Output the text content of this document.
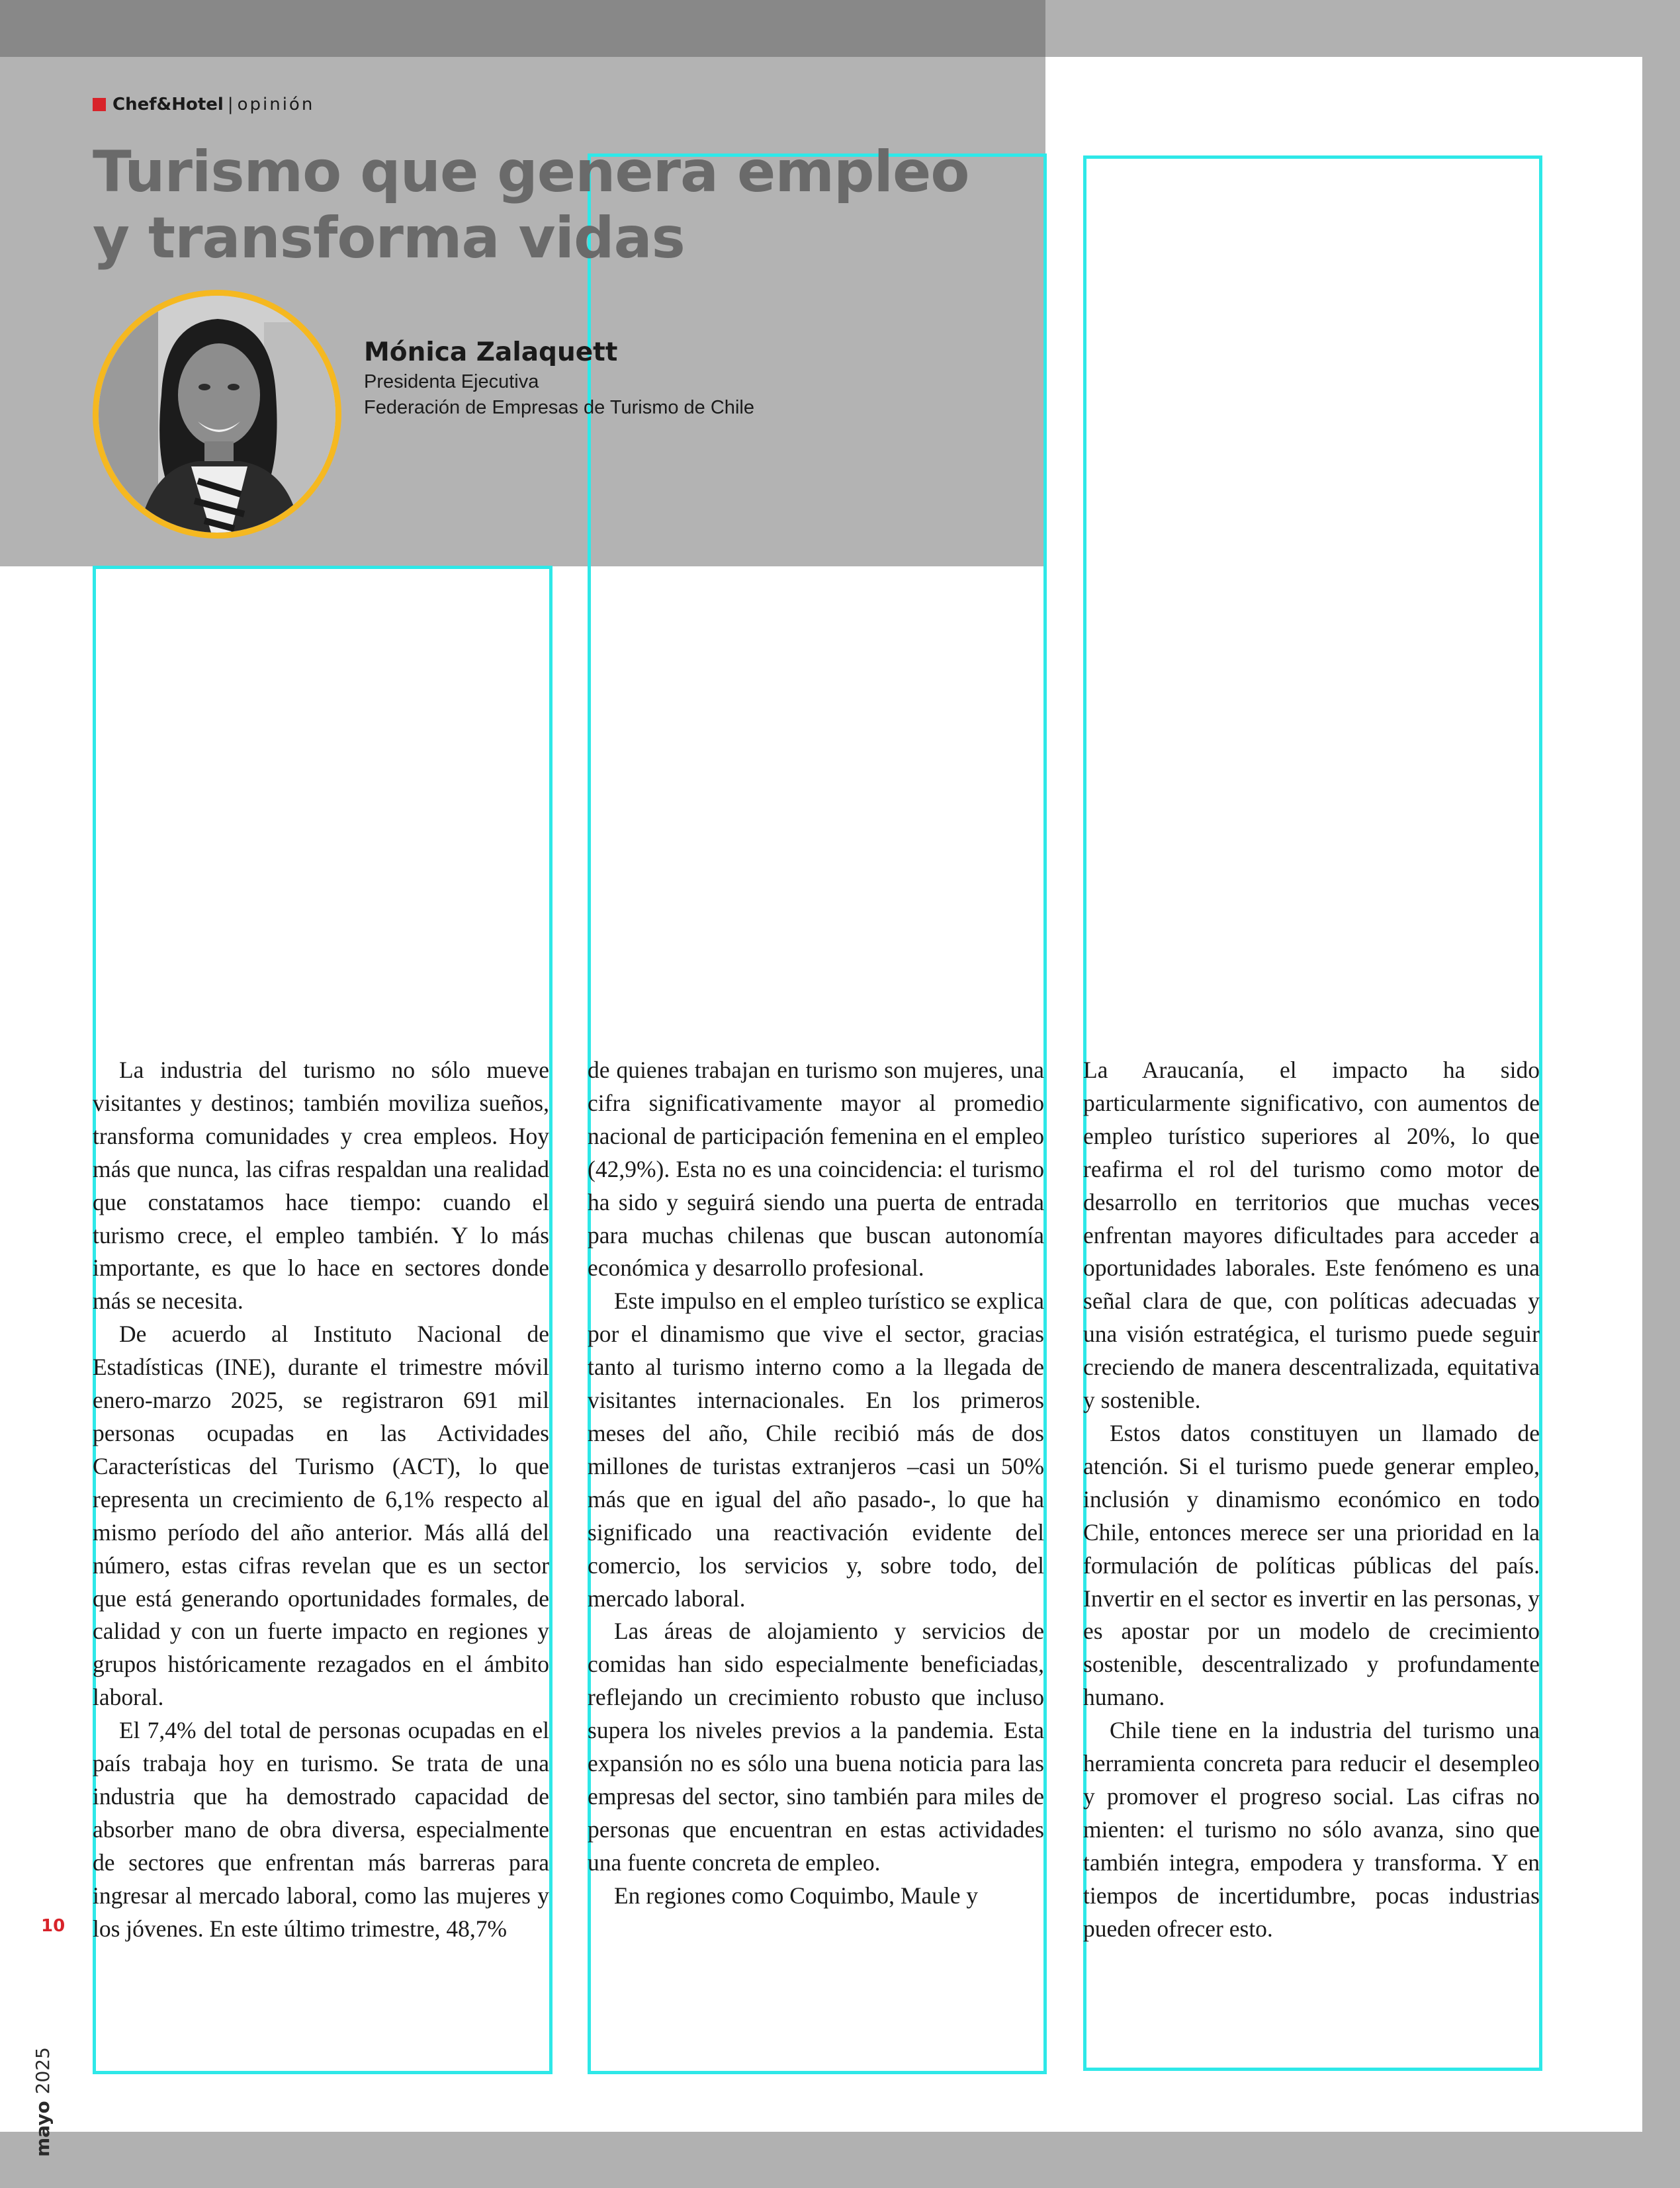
Chef&Hotel | opinión
Turismo que genera empleo
y transforma vidas
Mónica Zalaquett
Presidenta Ejecutiva
Federación de Empresas de Turismo de Chile

La industria del turismo no sólo mueve visitantes y destinos; también moviliza sueños, transforma comunidades y crea empleos. Hoy más que nunca, las cifras respaldan una realidad que constatamos hace tiempo: cuando el turismo crece, el empleo también. Y lo más importante, es que lo hace en sectores donde más se necesita.

De acuerdo al Instituto Nacional de Estadísticas (INE), durante el trimestre móvil enero-marzo 2025, se registraron 691 mil personas ocupadas en las Actividades Características del Turismo (ACT), lo que representa un crecimiento de 6,1% respecto al mismo período del año anterior. Más allá del número, estas cifras revelan que es un sector que está generando oportunidades formales, de calidad y con un fuerte impacto en regiones y grupos históricamente rezagados en el ámbito laboral.

El 7,4% del total de personas ocupadas en el país trabaja hoy en turismo. Se trata de una industria que ha demostrado capacidad de absorber mano de obra diversa, especialmente de sectores que enfrentan más barreras para ingresar al mercado laboral, como las mujeres y los jóvenes. En este último trimestre, 48,7%

de quienes trabajan en turismo son mujeres, una cifra significativamente mayor al promedio nacional de participación femenina en el empleo (42,9%). Esta no es una coincidencia: el turismo ha sido y seguirá siendo una puerta de entrada para muchas chilenas que buscan autonomía económica y desarrollo profesional.

Este impulso en el empleo turístico se explica por el dinamismo que vive el sector, gracias tanto al turismo interno como a la llegada de visitantes internacionales. En los primeros meses del año, Chile recibió más de dos millones de turistas extranjeros –casi un 50% más que en igual del año pasado-, lo que ha significado una reactivación evidente del comercio, los servicios y, sobre todo, del mercado laboral.

Las áreas de alojamiento y servicios de comidas han sido especialmente beneficiadas, reflejando un crecimiento robusto que incluso supera los niveles previos a la pandemia. Esta expansión no es sólo una buena noticia para las empresas del sector, sino también para miles de personas que encuentran en estas actividades una fuente concreta de empleo.

En regiones como Coquimbo, Maule y

La Araucanía, el impacto ha sido particularmente significativo, con aumentos de empleo turístico superiores al 20%, lo que reafirma el rol del turismo como motor de desarrollo en territorios que muchas veces enfrentan mayores dificultades para acceder a oportunidades laborales. Este fenómeno es una señal clara de que, con políticas adecuadas y una visión estratégica, el turismo puede seguir creciendo de manera descentralizada, equitativa y sostenible.

Estos datos constituyen un llamado de atención. Si el turismo puede generar empleo, inclusión y dinamismo económico en todo Chile, entonces merece ser una prioridad en la formulación de políticas públicas del país. Invertir en el sector es invertir en las personas, y es apostar por un modelo de crecimiento sostenible, descentralizado y profundamente humano.

Chile tiene en la industria del turismo una herramienta concreta para reducir el desempleo y promover el progreso social. Las cifras no mienten: el turismo no sólo avanza, sino que también integra, empodera y transforma. Y en tiempos de incertidumbre, pocas industrias pueden ofrecer esto.

10
mayo2025
